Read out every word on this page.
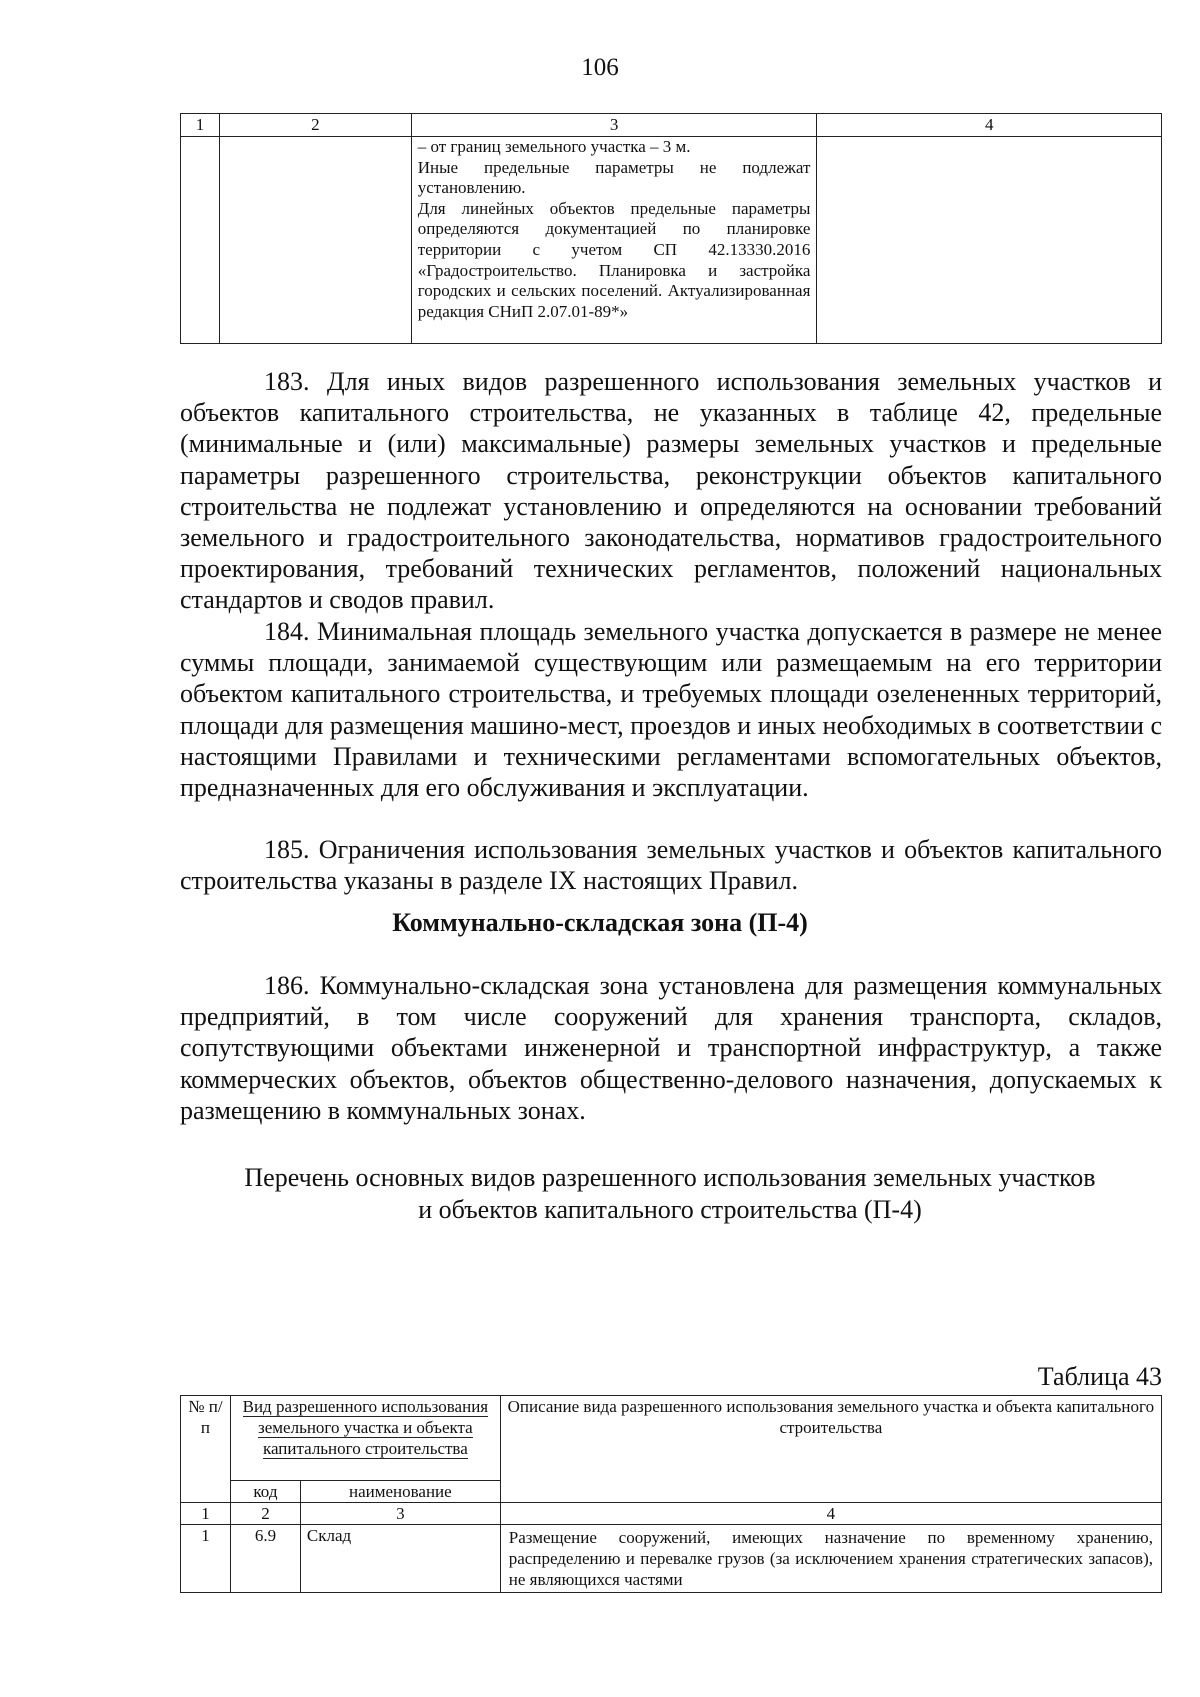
106
1	2	3	4

		– от границ земельного участка – 3 м.
Иные предельные параметры не подлежат установлению.
Для линейных объектов предельные параметры определяются документацией по планировке территории с учетом СП 42.13330.2016 «Градостроительство. Планировка и застройка городских и сельских поселений. Актуализированная редакция СНиП 2.07.01-89*»	

183. Для иных видов разрешенного использования земельных участков и объектов капитального строительства, не указанных в таблице 42, предельные (минимальные и (или) максимальные) размеры земельных участков и предельные параметры разрешенного строительства, реконструкции объектов капитального строительства не подлежат установлению и определяются на основании требований земельного и градостроительного законодательства, нормативов градостроительного проектирования, требований технических регламентов, положений национальных стандартов и сводов правил.

184. Минимальная площадь земельного участка допускается в размере не менее суммы площади, занимаемой существующим или размещаемым на его территории объектом капитального строительства, и требуемых площади озелененных территорий, площади для размещения машино-мест, проездов и иных необходимых в соответствии с настоящими Правилами и техническими регламентами вспомогательных объектов, предназначенных для его обслуживания и эксплуатации.

185. Ограничения использования земельных участков и объектов капитального строительства указаны в разделе IX настоящих Правил.

Коммунально-складская зона (П-4)

186. Коммунально-складская зона установлена для размещения коммунальных предприятий, в том числе сооружений для хранения транспорта, складов, сопутствующими объектами инженерной и транспортной инфраструктур, а также коммерческих объектов, объектов общественно-делового назначения, допускаемых к размещению в коммунальных зонах.

Перечень основных видов разрешенного использования земельных участков
и объектов капитального строительства (П-4)
Таблица 43
№ п/п	Вид разрешенного использования земельного участка и объекта капитального строительства		Описание вида разрешенного использования земельного участка и объекта капитального строительства
	код	наименование	
1	2	3	4
1	6.9	Склад	Размещение сооружений, имеющих назначение по временному хранению, распределению и перевалке грузов (за исключением хранения стратегических запасов), не являющихся частями
